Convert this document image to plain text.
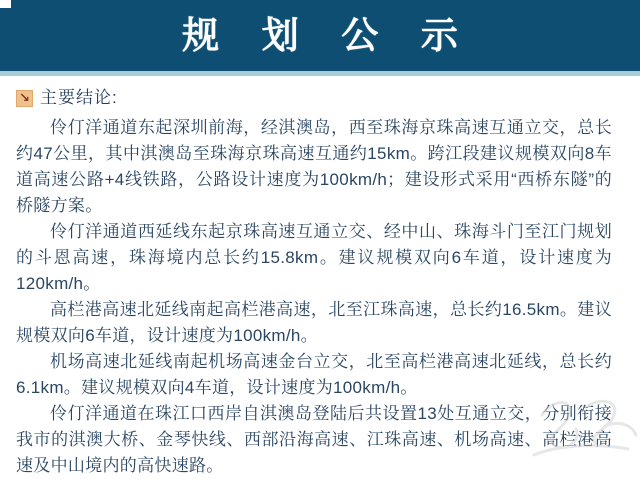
规划公示
↘ 主要结论:

伶仃洋通道东起深圳前海，经淇澳岛，西至珠海京珠高速互通立交，总长约47公里，其中淇澳岛至珠海京珠高速互通约15km。跨江段建议规模双向8车道高速公路+4线铁路，公路设计速度为100km/h；建设形式采用“西桥东隧”的桥隧方案。

伶仃洋通道西延线东起京珠高速互通立交、经中山、珠海斗门至江门规划的斗恩高速，珠海境内总长约15.8km。建议规模双向6车道，设计速度为120km/h。

高栏港高速北延线南起高栏港高速，北至江珠高速，总长约16.5km。建议规模双向6车道，设计速度为100km/h。

机场高速北延线南起机场高速金台立交，北至高栏港高速北延线，总长约6.1km。建议规模双向4车道，设计速度为100km/h。

伶仃洋通道在珠江口西岸自淇澳岛登陆后共设置13处互通立交，分别衔接我市的淇澳大桥、金琴快线、西部沿海高速、江珠高速、机场高速、高栏港高速及中山境内的高快速路。
